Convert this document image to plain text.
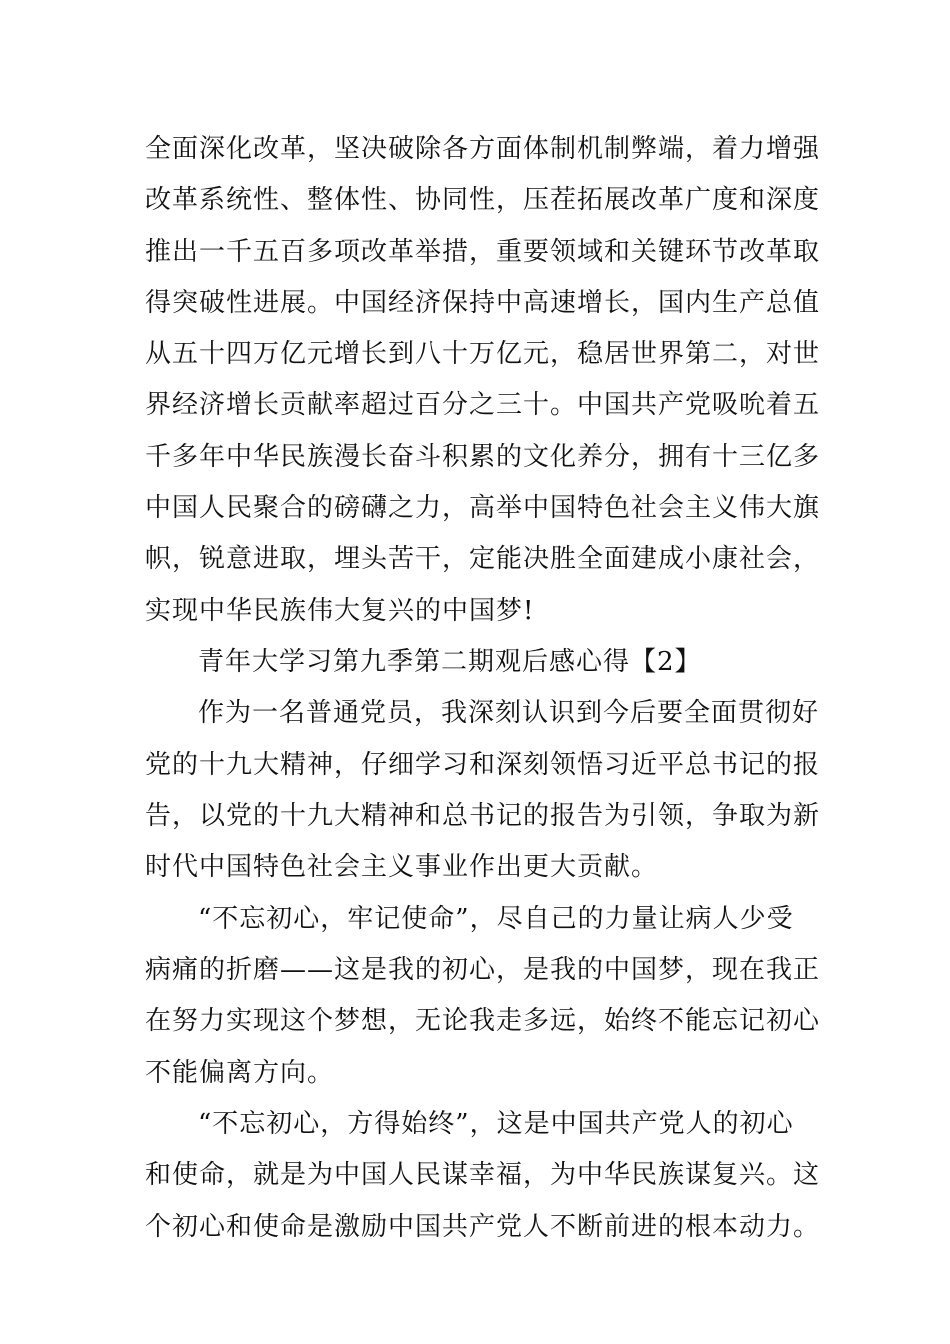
全面深化改革，坚决破除各方面体制机制弊端，着力增强
改革系统性、整体性、协同性，压茬拓展改革广度和深度
推出一千五百多项改革举措，重要领域和关键环节改革取
得突破性进展。中国经济保持中高速增长，国内生产总值
从五十四万亿元增长到八十万亿元，稳居世界第二，对世
界经济增长贡献率超过百分之三十。中国共产党吸吮着五
千多年中华民族漫长奋斗积累的文化养分，拥有十三亿多
中国人民聚合的磅礴之力，高举中国特色社会主义伟大旗
帜，锐意进取，埋头苦干，定能决胜全面建成小康社会，
实现中华民族伟大复兴的中国梦!
青年大学习第九季第二期观后感心得【2】
作为一名普通党员，我深刻认识到今后要全面贯彻好
党的十九大精神，仔细学习和深刻领悟习近平总书记的报
告，以党的十九大精神和总书记的报告为引领，争取为新
时代中国特色社会主义事业作出更大贡献。
“不忘初心，牢记使命”，尽自己的力量让病人少受
病痛的折磨——这是我的初心，是我的中国梦，现在我正
在努力实现这个梦想，无论我走多远，始终不能忘记初心
不能偏离方向。
“不忘初心，方得始终”，这是中国共产党人的初心
和使命，就是为中国人民谋幸福，为中华民族谋复兴。这
个初心和使命是激励中国共产党人不断前进的根本动力。
